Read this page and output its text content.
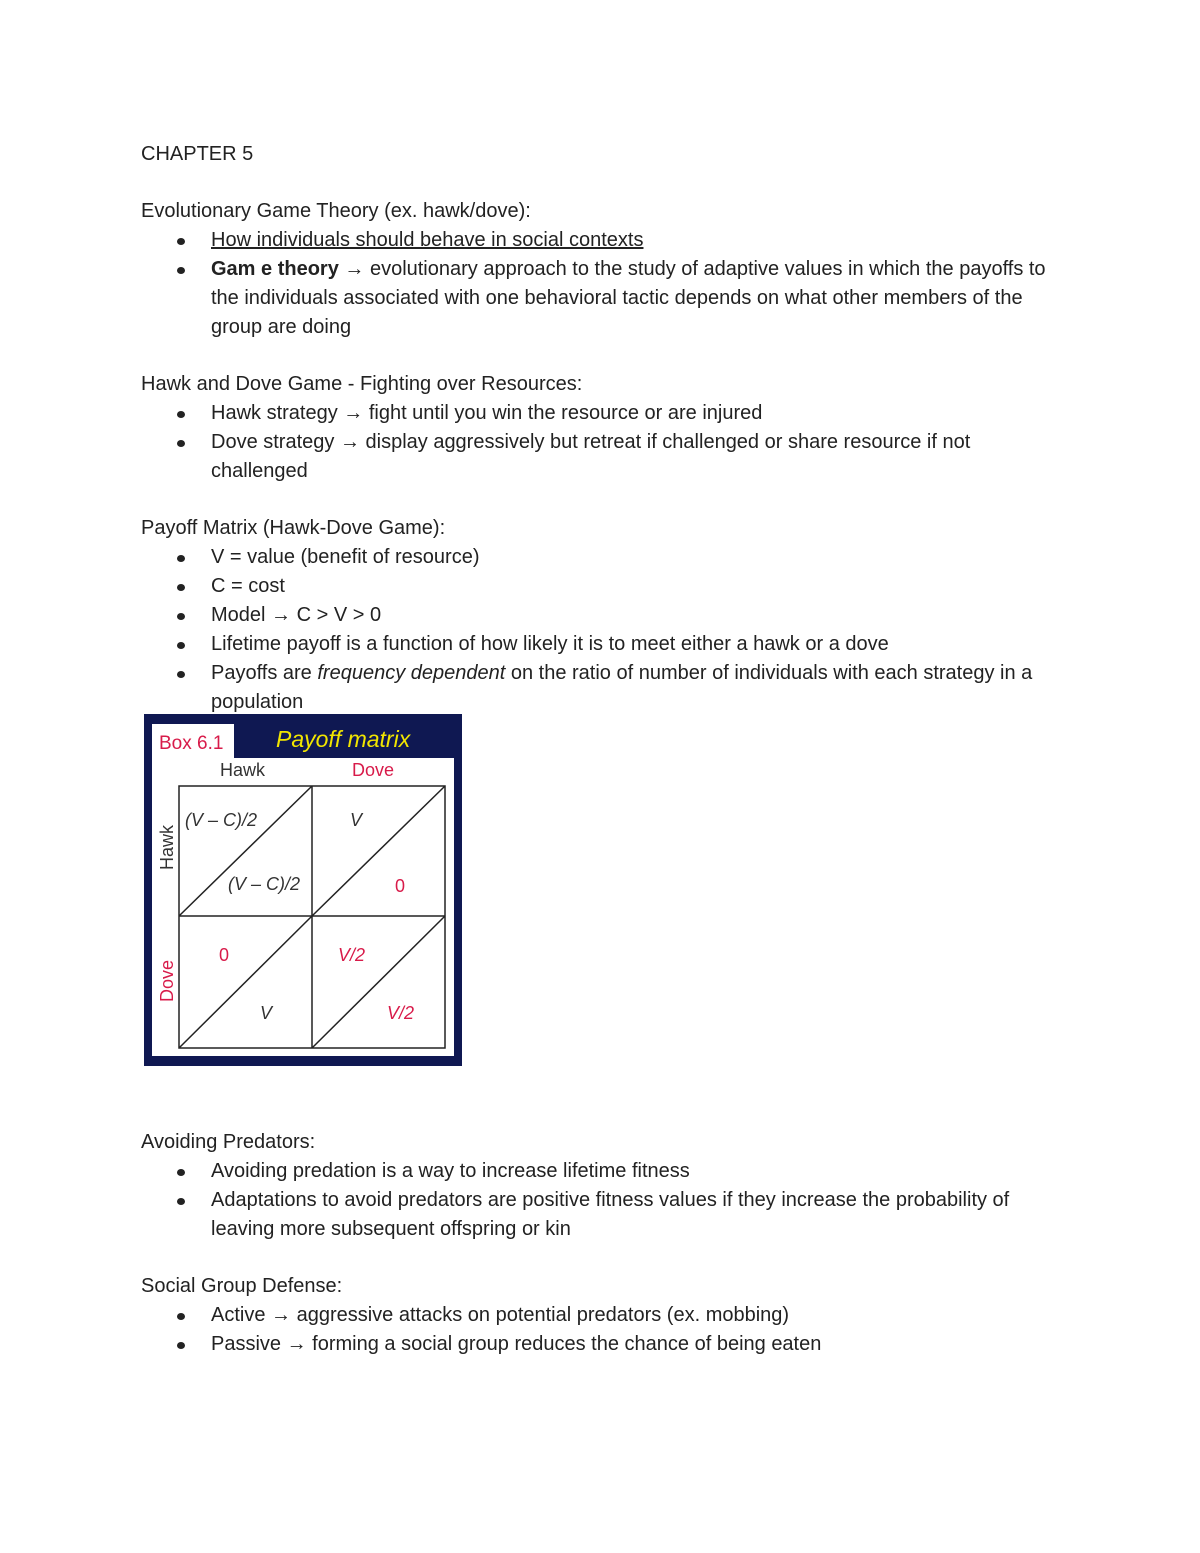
CHAPTER 5

Evolutionary Game Theory (ex. hawk/dove):

How individuals should behave in social contexts
Gam e theory → evolutionary approach to the study of adaptive values in which the payoffs to the individuals associated with one behavioral tactic depends on what other members of the group are doing

Hawk and Dove Game - Fighting over Resources:

Hawk strategy → fight until you win the resource or are injured
Dove strategy → display aggressively but retreat if challenged or share resource if not challenged

Payoff Matrix (Hawk-Dove Game):

V = value (benefit of resource)
C = cost
Model → C > V > 0
Lifetime payoff is a function of how likely it is to meet either a hawk or a dove
Payoffs are frequency dependent on the ratio of number of individuals with each strategy in a population
Box 6.1 Payoff matrix
Hawk	Dove
Hawk
Dove
(V – C)/2
(V – C)/2
V
0
0
V
V/2
V/2

Avoiding Predators:

Avoiding predation is a way to increase lifetime fitness
Adaptations to avoid predators are positive fitness values if they increase the probability of leaving more subsequent offspring or kin

Social Group Defense:

Active → aggressive attacks on potential predators (ex. mobbing)
Passive → forming a social group reduces the chance of being eaten
